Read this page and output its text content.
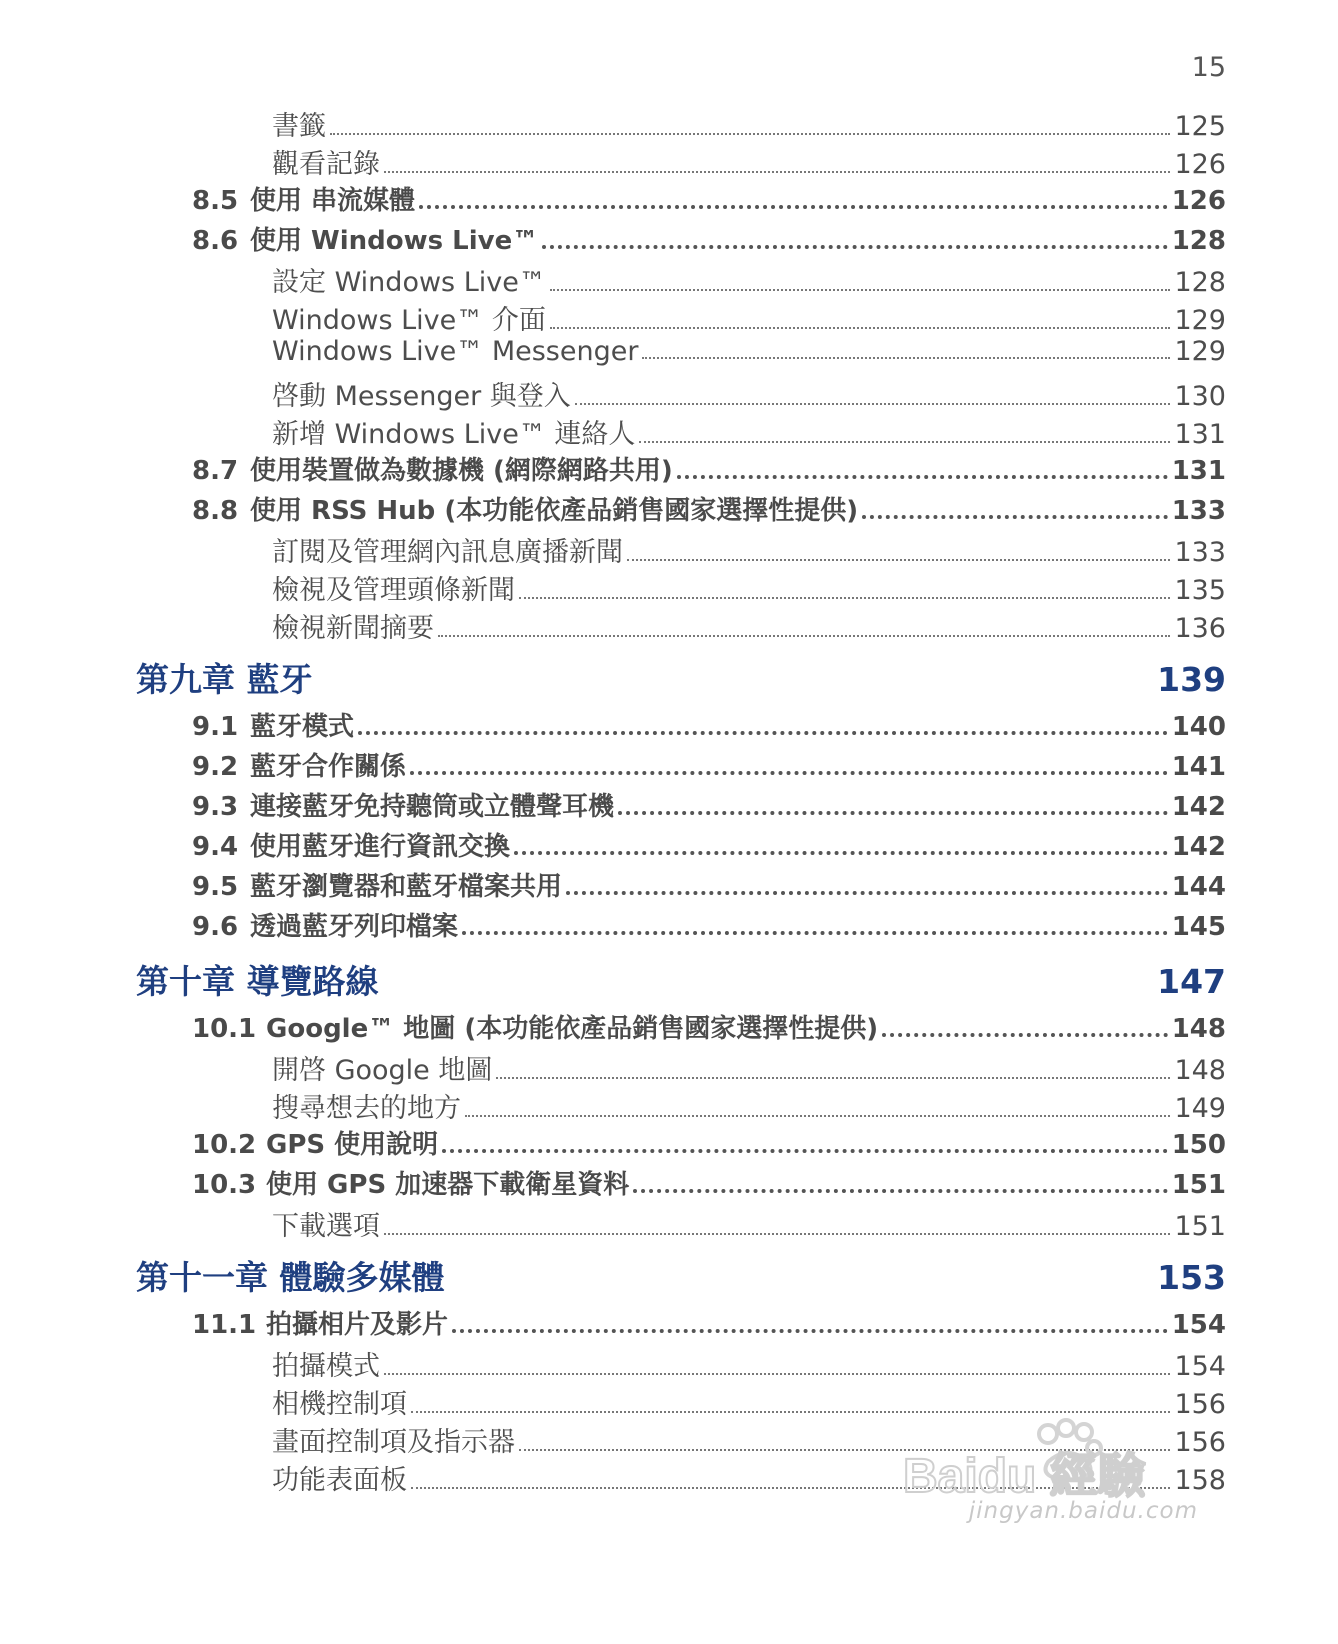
15
書籤	125
觀看記錄	126
8.5 使用 串流媒體	126
8.6 使用 Windows Live™	128
設定 Windows Live™	128
Windows Live™ 介面	129
Windows Live™ Messenger	129
啓動 Messenger 與登入	130
新增 Windows Live™ 連絡人	131
8.7 使用裝置做為數據機 (網際網路共用)	131
8.8 使用 RSS Hub (本功能依產品銷售國家選擇性提供)	133
訂閱及管理網內訊息廣播新聞	133
檢視及管理頭條新聞	135
檢視新聞摘要	136
第九章 藍牙	139
9.1 藍牙模式	140
9.2 藍牙合作關係	141
9.3 連接藍牙免持聽筒或立體聲耳機	142
9.4 使用藍牙進行資訊交換	142
9.5 藍牙瀏覽器和藍牙檔案共用	144
9.6 透過藍牙列印檔案	145
第十章 導覽路線	147
10.1 Google™ 地圖 (本功能依產品銷售國家選擇性提供)	148
開啓 Google 地圖	148
搜尋想去的地方	149
10.2 GPS 使用說明	150
10.3 使用 GPS 加速器下載衛星資料	151
下載選項	151
第十一章 體驗多媒體	153
11.1 拍攝相片及影片	154
拍攝模式	154
相機控制項	156
畫面控制項及指示器	156
功能表面板	158
Baidu 經驗
jingyan.baidu.com
